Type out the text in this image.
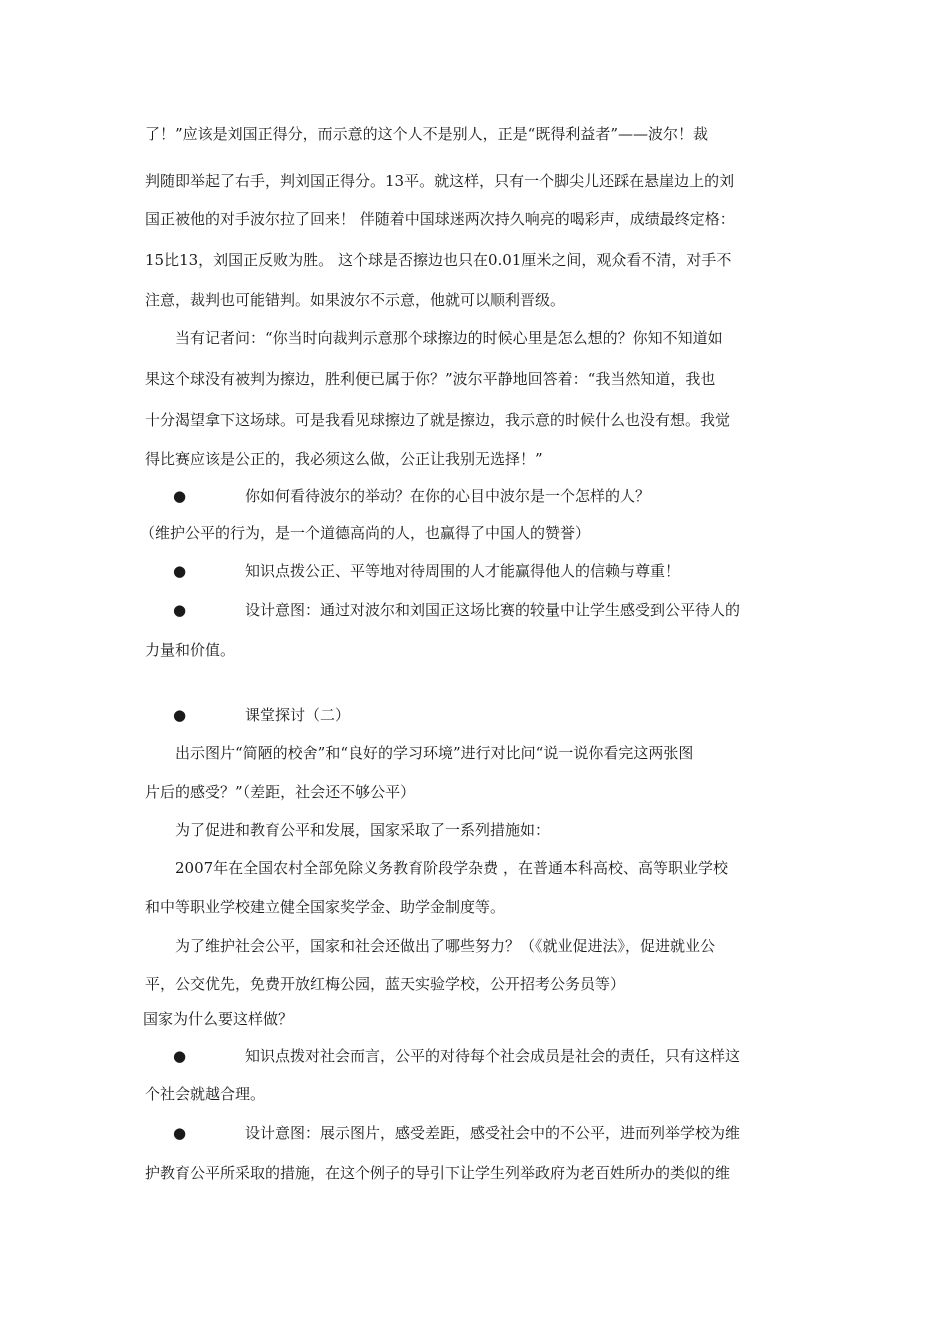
了！”应该是刘国正得分，而示意的这个人不是别人，正是“既得利益者”——波尔！裁
判随即举起了右手，判刘国正得分。13平。就这样，只有一个脚尖儿还踩在悬崖边上的刘
国正被他的对手波尔拉了回来！ 伴随着中国球迷两次持久响亮的喝彩声，成绩最终定格：
15比13，刘国正反败为胜。 这个球是否擦边也只在0.01厘米之间，观众看不清，对手不
注意，裁判也可能错判。如果波尔不示意，他就可以顺利晋级。
当有记者问：“你当时向裁判示意那个球擦边的时候心里是怎么想的？你知不知道如
果这个球没有被判为擦边，胜利便已属于你？”波尔平静地回答着：“我当然知道，我也
十分渴望拿下这场球。可是我看见球擦边了就是擦边，我示意的时候什么也没有想。我觉
得比赛应该是公正的，我必须这么做，公正让我别无选择！”
●	你如何看待波尔的举动？在你的心目中波尔是一个怎样的人？
（维护公平的行为，是一个道德高尚的人，也赢得了中国人的赞誉）
●	知识点拨公正、平等地对待周围的人才能赢得他人的信赖与尊重！
●	设计意图：通过对波尔和刘国正这场比赛的较量中让学生感受到公平待人的
力量和价值。
●	课堂探讨（二）
出示图片“简陋的校舍”和“良好的学习环境”进行对比问“说一说你看完这两张图
片后的感受？”（差距，社会还不够公平）
为了促进和教育公平和发展，国家采取了一系列措施如：
2007年在全国农村全部免除义务教育阶段学杂费 ，在普通本科高校、高等职业学校
和中等职业学校建立健全国家奖学金、助学金制度等。
为了维护社会公平，国家和社会还做出了哪些努力？（《就业促进法》，促进就业公
平，公交优先，免费开放红梅公园，蓝天实验学校，公开招考公务员等）
国家为什么要这样做？
●	知识点拨对社会而言，公平的对待每个社会成员是社会的责任，只有这样这
个社会就越合理。
●	设计意图：展示图片，感受差距，感受社会中的不公平，进而列举学校为维
护教育公平所采取的措施，在这个例子的导引下让学生列举政府为老百姓所办的类似的维
